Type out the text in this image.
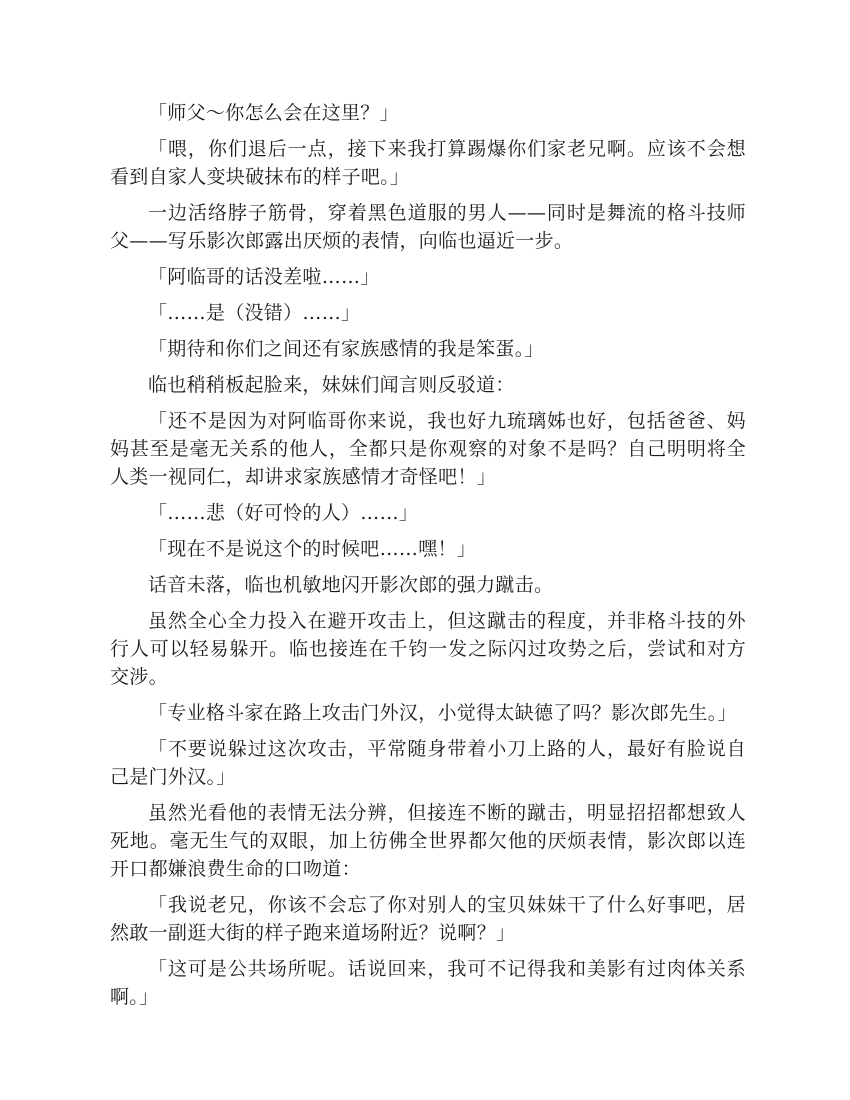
「师父～你怎么会在这里？」

「喂，你们退后一点，接下来我打算踢爆你们家老兄啊。应该不会想看到自家人变块破抹布的样子吧。」

一边活络脖子筋骨，穿着黑色道服的男人——同时是舞流的格斗技师父——写乐影次郎露出厌烦的表情，向临也逼近一步。

「阿临哥的话没差啦……」

「……是（没错）……」

「期待和你们之间还有家族感情的我是笨蛋。」

临也稍稍板起脸来，妹妹们闻言则反驳道：

「还不是因为对阿临哥你来说，我也好九琉璃姊也好，包括爸爸、妈妈甚至是毫无关系的他人，全都只是你观察的对象不是吗？自己明明将全人类一视同仁，却讲求家族感情才奇怪吧！」

「……悲（好可怜的人）……」

「现在不是说这个的时候吧……嘿！」

话音未落，临也机敏地闪开影次郎的强力蹴击。

虽然全心全力投入在避开攻击上，但这蹴击的程度，并非格斗技的外行人可以轻易躲开。临也接连在千钧一发之际闪过攻势之后，尝试和对方交涉。

「专业格斗家在路上攻击门外汉，小觉得太缺德了吗？影次郎先生。」

「不要说躲过这次攻击，平常随身带着小刀上路的人，最好有脸说自己是门外汉。」

虽然光看他的表情无法分辨，但接连不断的蹴击，明显招招都想致人死地。毫无生气的双眼，加上彷佛全世界都欠他的厌烦表情，影次郎以连开口都嫌浪费生命的口吻道：

「我说老兄，你该不会忘了你对别人的宝贝妹妹干了什么好事吧，居然敢一副逛大街的样子跑来道场附近？说啊？」

「这可是公共场所呢。话说回来，我可不记得我和美影有过肉体关系啊。」
